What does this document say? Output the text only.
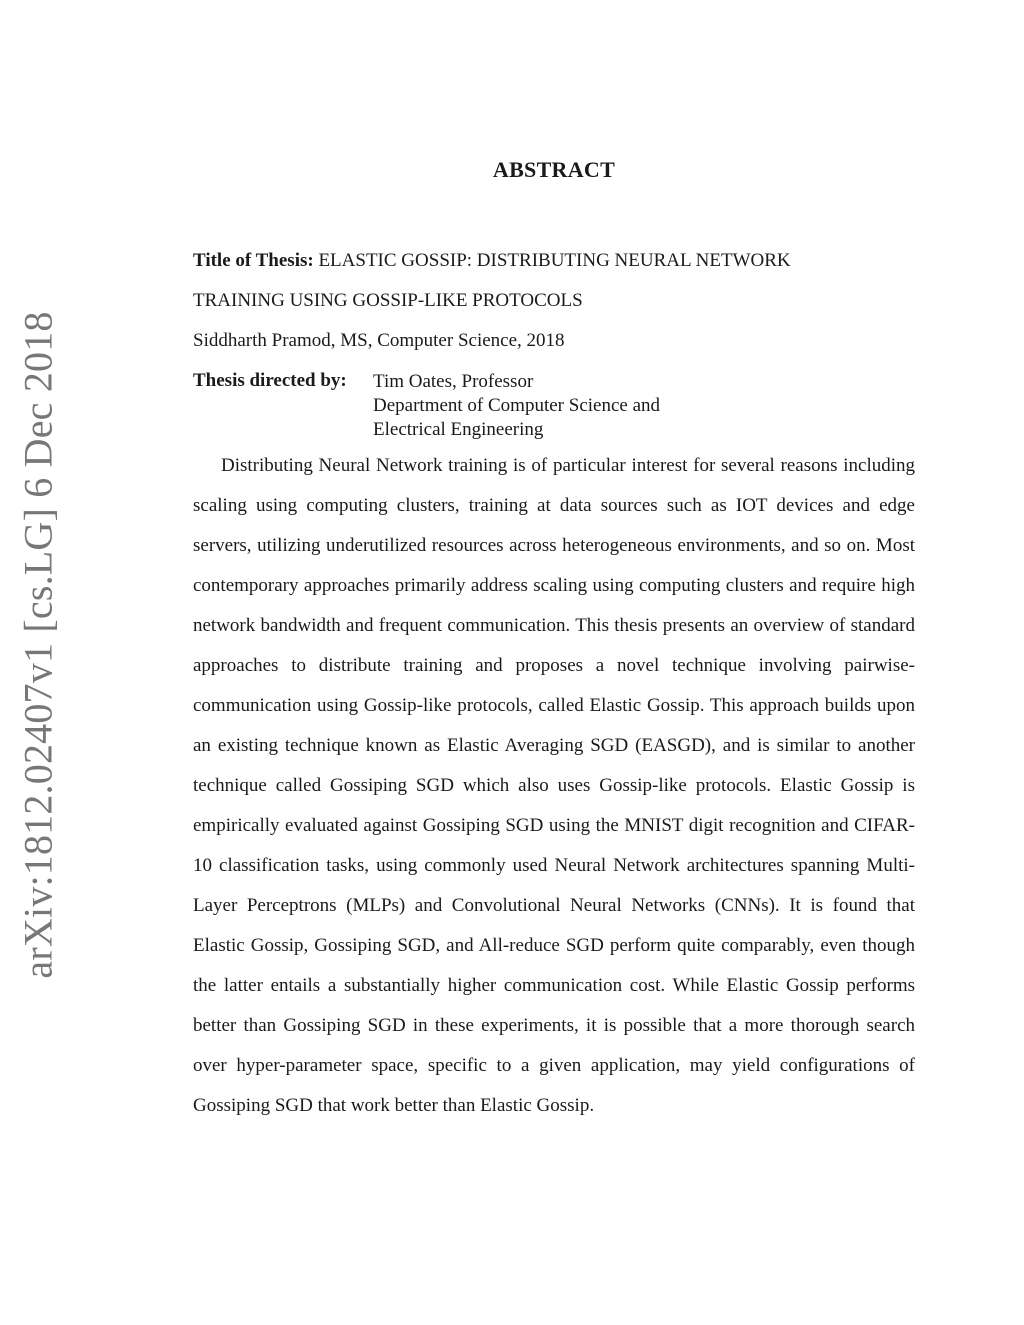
arXiv:1812.02407v1 [cs.LG] 6 Dec 2018
ABSTRACT
Title of Thesis: ELASTIC GOSSIP: DISTRIBUTING NEURAL NETWORK
TRAINING USING GOSSIP-LIKE PROTOCOLS
Siddharth Pramod, MS, Computer Science, 2018
Thesis directed by: Tim Oates, Professor
Department of Computer Science and
Electrical Engineering

Distributing Neural Network training is of particular interest for several reasons including scaling using computing clusters, training at data sources such as IOT devices and edge servers, utilizing underutilized resources across heterogeneous environments, and so on. Most contemporary approaches primarily address scaling using computing clusters and require high network bandwidth and frequent communication. This thesis presents an overview of standard approaches to distribute training and proposes a novel technique involving pairwise-communication using Gossip-like protocols, called Elastic Gossip. This approach builds upon an existing technique known as Elastic Averaging SGD (EASGD), and is similar to another technique called Gossiping SGD which also uses Gossip-like protocols. Elastic Gossip is empirically evaluated against Gossiping SGD using the MNIST digit recognition and CIFAR-10 classification tasks, using commonly used Neural Network architectures spanning Multi-Layer Perceptrons (MLPs) and Convolutional Neural Networks (CNNs). It is found that Elastic Gossip, Gossiping SGD, and All-reduce SGD perform quite comparably, even though the latter entails a substantially higher communication cost. While Elastic Gossip performs better than Gossiping SGD in these experiments, it is possible that a more thorough search over hyper-parameter space, specific to a given application, may yield configurations of Gossiping SGD that work better than Elastic Gossip.
